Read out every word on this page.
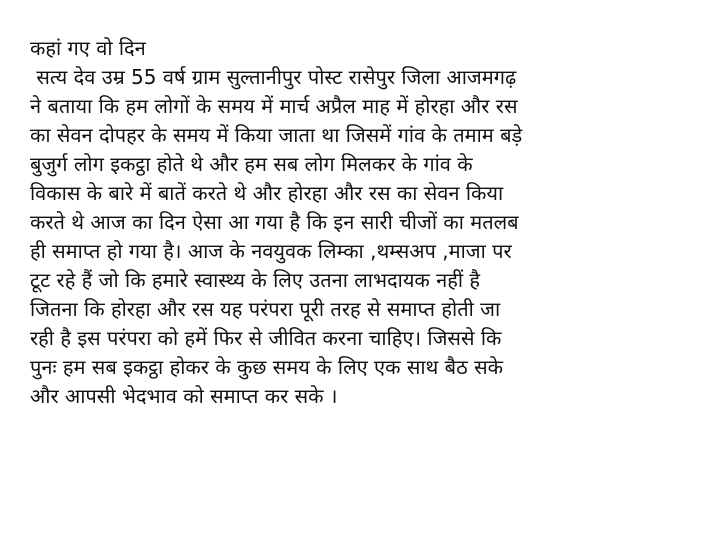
कहां गए वो दिन
सत्य देव उम्र 55 वर्ष ग्राम सुल्तानीपुर पोस्ट रासेपुर जिला आजमगढ़
ने बताया कि हम लोगों के समय में मार्च अप्रैल माह में होरहा और रस
का सेवन दोपहर के समय में किया जाता था जिसमें गांव के तमाम बड़े
बुजुर्ग लोग इकट्ठा होते थे और हम सब लोग मिलकर के गांव के
विकास के बारे में बातें करते थे और होरहा और रस का सेवन किया
करते थे आज का दिन ऐसा आ गया है कि इन सारी चीजों का मतलब
ही समाप्त हो गया है। आज के नवयुवक लिम्का ,थम्सअप ,माजा पर
टूट रहे हैं जो कि हमारे स्वास्थ्य के लिए उतना लाभदायक नहीं है
जितना कि होरहा और रस यह परंपरा पूरी तरह से समाप्त होती जा
रही है इस परंपरा को हमें फिर से जीवित करना चाहिए। जिससे कि
पुनः हम सब इकट्ठा होकर के कुछ समय के लिए एक साथ बैठ सके
और आपसी भेदभाव को समाप्त कर सके ।
